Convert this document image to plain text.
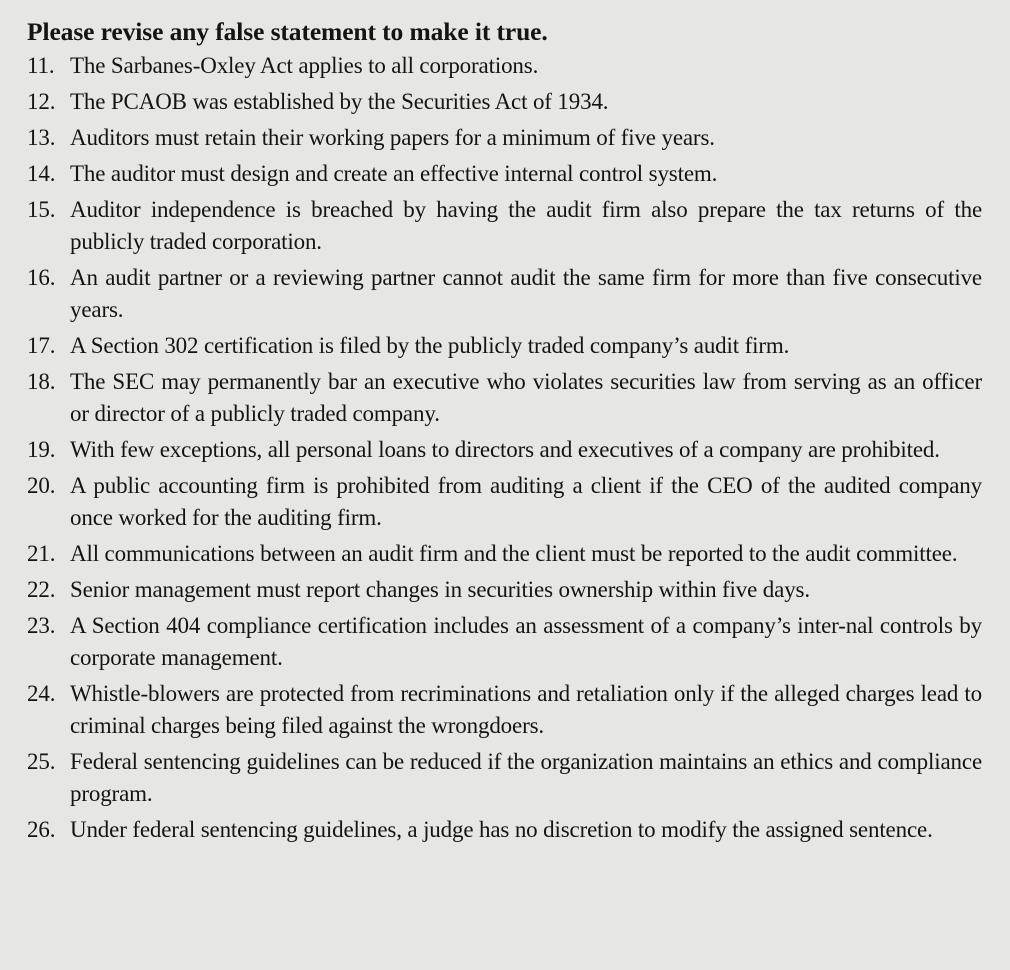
Please revise any false statement to make it true.
11. The Sarbanes-Oxley Act applies to all corporations.
12. The PCAOB was established by the Securities Act of 1934.
13. Auditors must retain their working papers for a minimum of five years.
14. The auditor must design and create an effective internal control system.
15. Auditor independence is breached by having the audit firm also prepare the tax returns of the publicly traded corporation.
16. An audit partner or a reviewing partner cannot audit the same firm for more than five consecutive years.
17. A Section 302 certification is filed by the publicly traded company’s audit firm.
18. The SEC may permanently bar an executive who violates securities law from serving as an officer or director of a publicly traded company.
19. With few exceptions, all personal loans to directors and executives of a company are prohibited.
20. A public accounting firm is prohibited from auditing a client if the CEO of the audited company once worked for the auditing firm.
21. All communications between an audit firm and the client must be reported to the audit committee.
22. Senior management must report changes in securities ownership within five days.
23. A Section 404 compliance certification includes an assessment of a company’s inter-nal controls by corporate management.
24. Whistle-blowers are protected from recriminations and retaliation only if the alleged charges lead to criminal charges being filed against the wrongdoers.
25. Federal sentencing guidelines can be reduced if the organization maintains an ethics and compliance program.
26. Under federal sentencing guidelines, a judge has no discretion to modify the assigned sentence.
